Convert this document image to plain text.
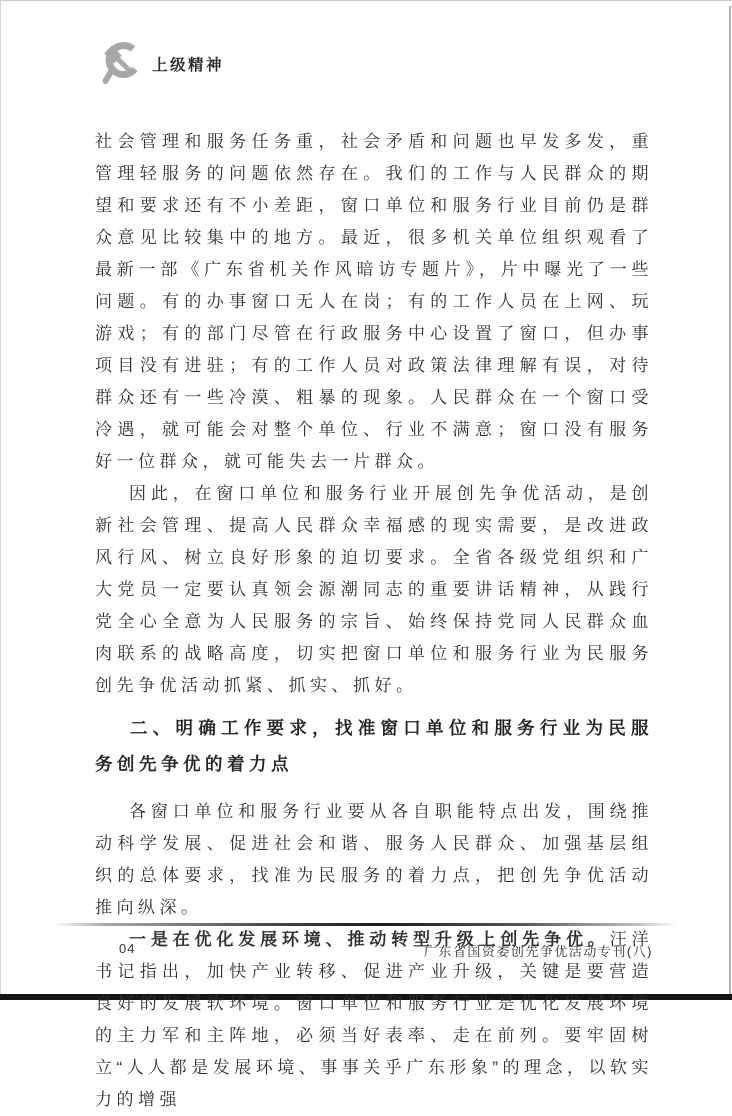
上级精神

社会管理和服务任务重，社会矛盾和问题也早发多发，重管理轻服务的问题依然存在。我们的工作与人民群众的期望和要求还有不小差距，窗口单位和服务行业目前仍是群众意见比较集中的地方。最近，很多机关单位组织观看了最新一部《广东省机关作风暗访专题片》，片中曝光了一些问题。有的办事窗口无人在岗；有的工作人员在上网、玩游戏；有的部门尽管在行政服务中心设置了窗口，但办事项目没有进驻；有的工作人员对政策法律理解有误，对待群众还有一些冷漠、粗暴的现象。人民群众在一个窗口受冷遇，就可能会对整个单位、行业不满意；窗口没有服务好一位群众，就可能失去一片群众。

因此，在窗口单位和服务行业开展创先争优活动，是创新社会管理、提高人民群众幸福感的现实需要，是改进政风行风、树立良好形象的迫切要求。全省各级党组织和广大党员一定要认真领会源潮同志的重要讲话精神，从践行党全心全意为人民服务的宗旨、始终保持党同人民群众血肉联系的战略高度，切实把窗口单位和服务行业为民服务创先争优活动抓紧、抓实、抓好。

二、明确工作要求，找准窗口单位和服务行业为民服务创先争优的着力点

各窗口单位和服务行业要从各自职能特点出发，围绕推动科学发展、促进社会和谐、服务人民群众、加强基层组织的总体要求，找准为民服务的着力点，把创先争优活动推向纵深。

一是在优化发展环境、推动转型升级上创先争优。汪洋书记指出，加快产业转移、促进产业升级，关键是要营造良好的发展软环境。窗口单位和服务行业是优化发展环境的主力军和主阵地，必须当好表率、走在前列。要牢固树立“人人都是发展环境、事事关乎广东形象”的理念，以软实力的增强

04	广东省国资委创先争优活动专刊(八)
